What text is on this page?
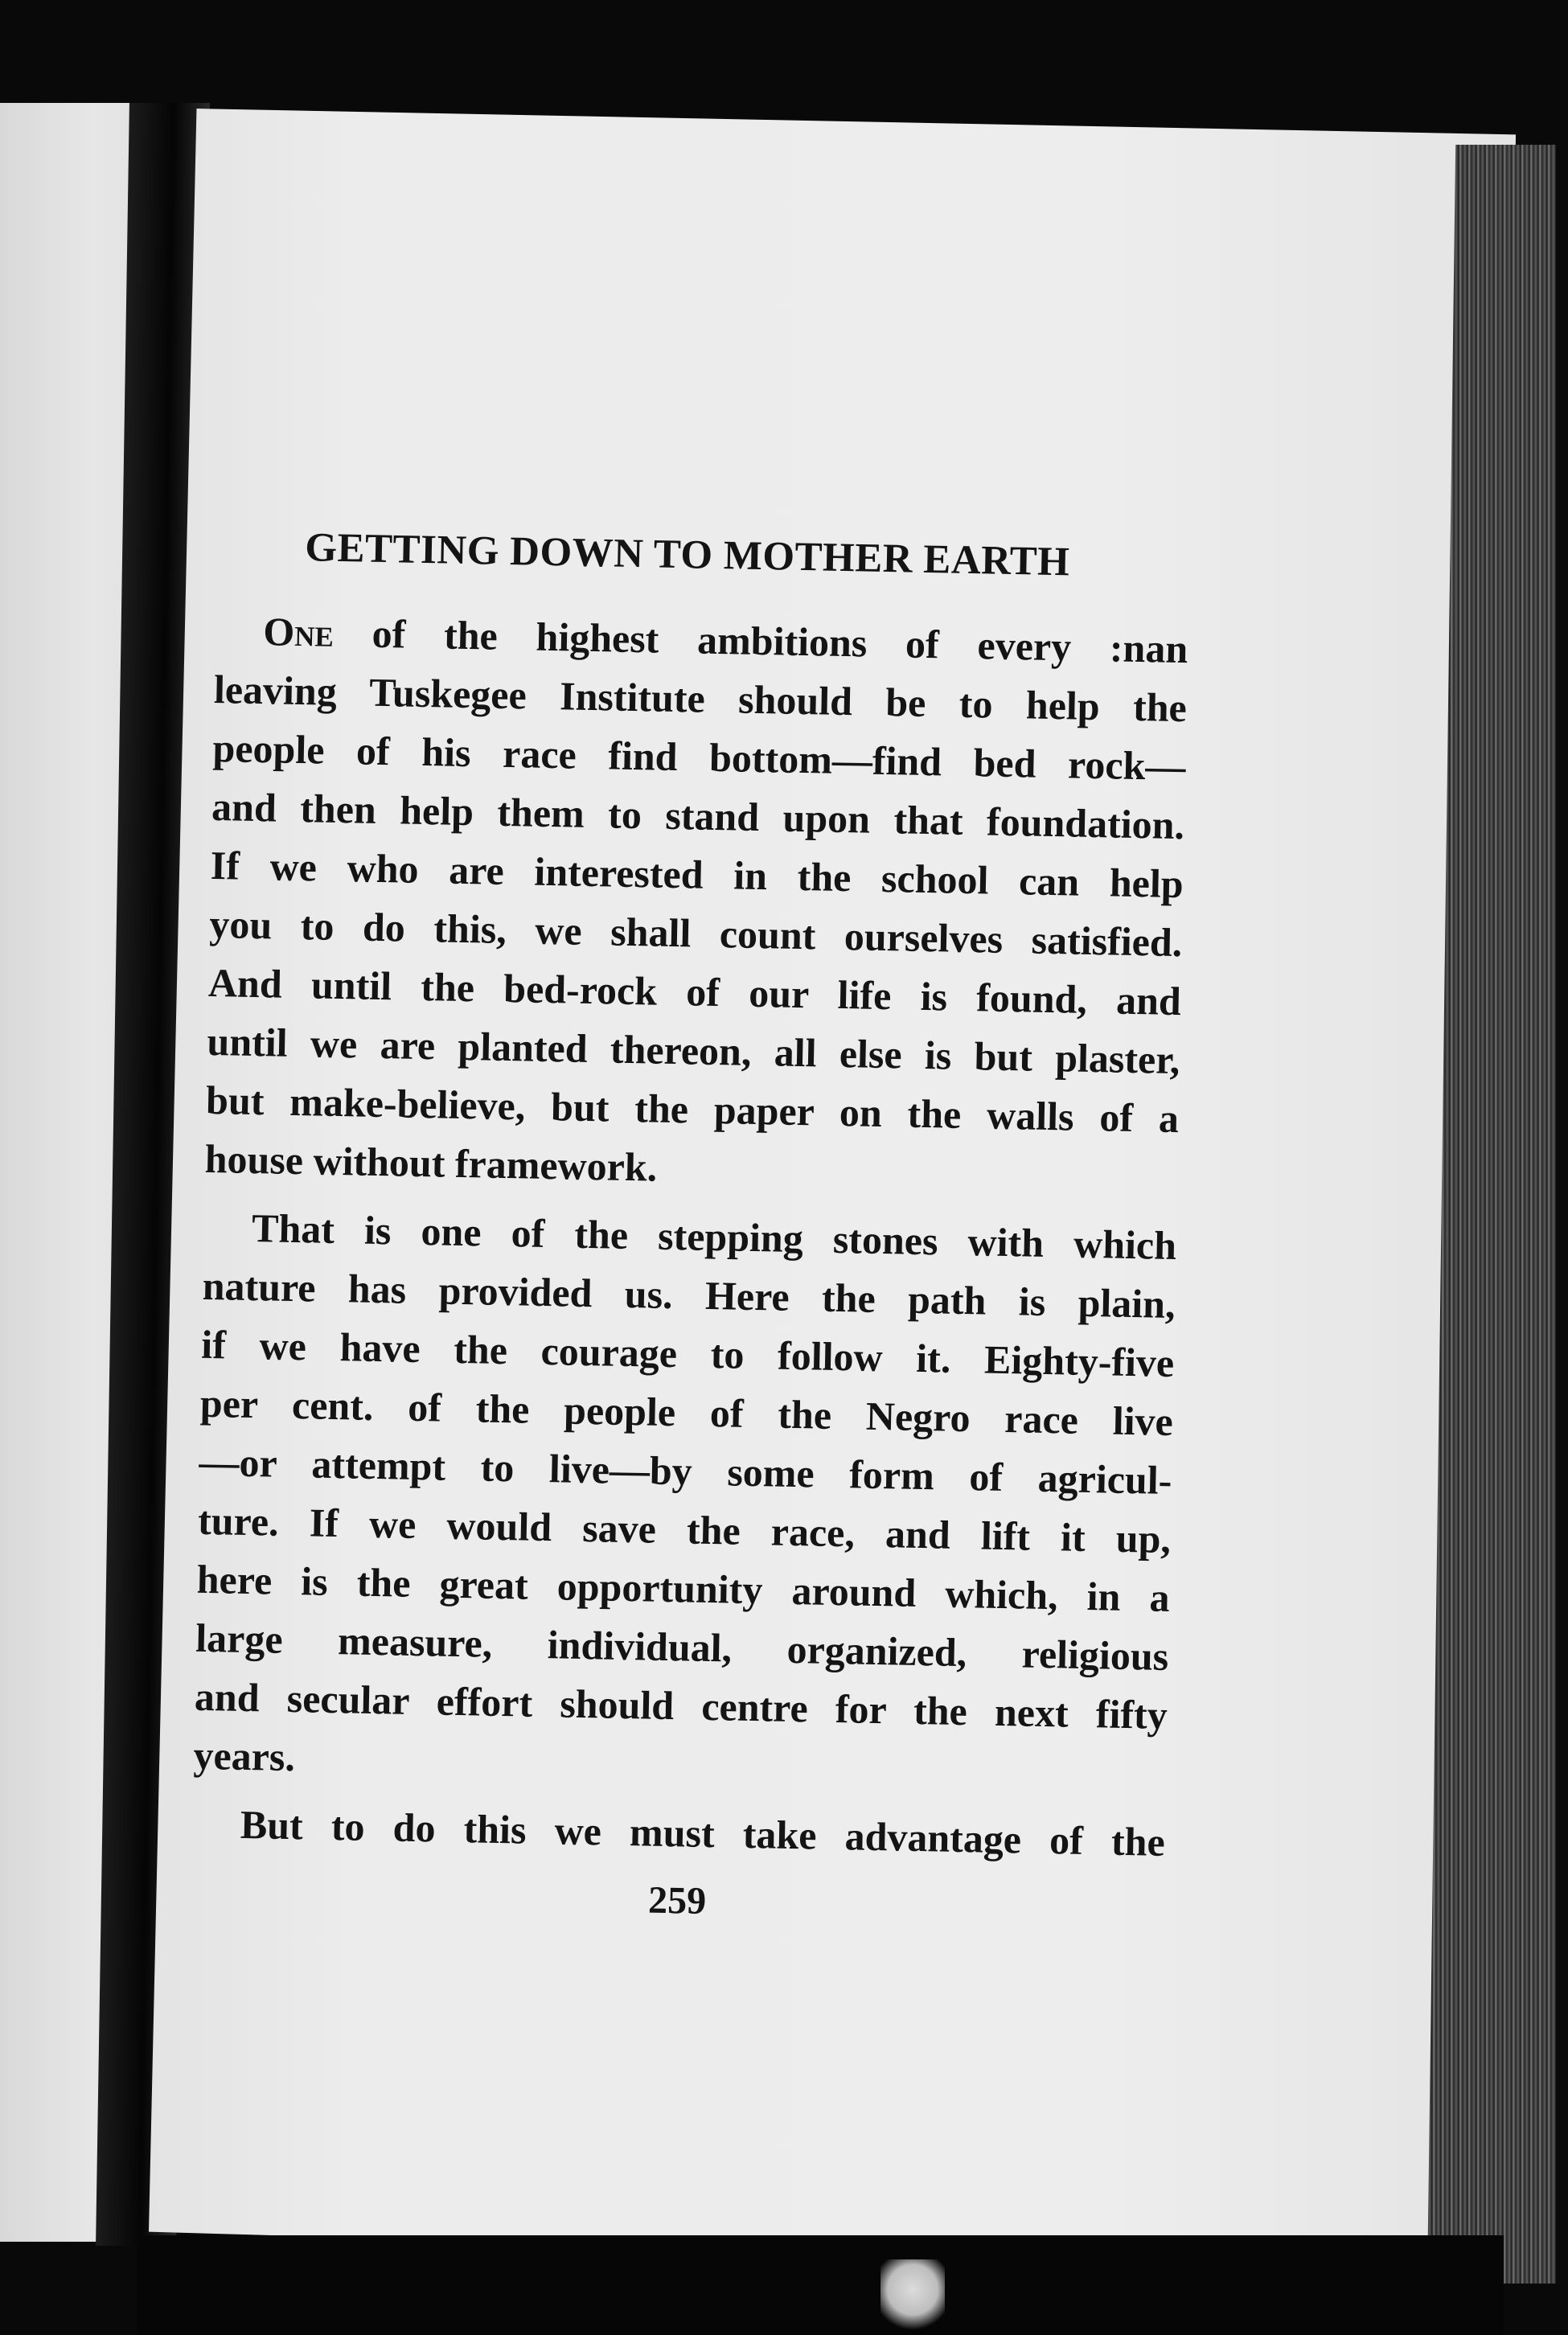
GETTING DOWN TO MOTHER EARTH
One of the highest ambitions of every :nan
leaving Tuskegee Institute should be to help the
people of his race find bottom—find bed rock—
and then help them to stand upon that foundation.
If we who are interested in the school can help
you to do this, we shall count ourselves satisfied.
And until the bed-rock of our life is found, and
until we are planted thereon, all else is but plaster,
but make-believe, but the paper on the walls of a
house without framework.
That is one of the stepping stones with which
nature has provided us. Here the path is plain,
if we have the courage to follow it. Eighty-five
per cent. of the people of the Negro race live
—or attempt to live—by some form of agricul-
ture. If we would save the race, and lift it up,
here is the great opportunity around which, in a
large measure, individual, organized, religious
and secular effort should centre for the next fifty
years.
But to do this we must take advantage of the
259
